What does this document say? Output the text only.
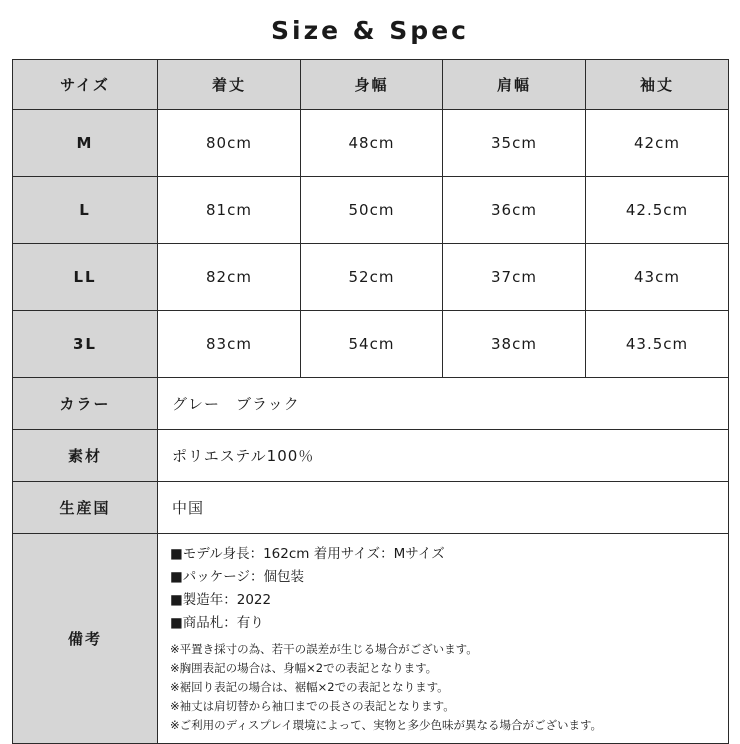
Size & Spec
サイズ	着丈	身幅	肩幅	袖丈
M	80cm	48cm	35cm	42cm
L	81cm	50cm	36cm	42.5cm
LL	82cm	52cm	37cm	43cm
3L	83cm	54cm	38cm	43.5cm
カラー	グレー　ブラック			
素材	ポリエステル100％			
生産国	中国			
備考	

■モデル身長：162cm 着用サイズ：Mサイズ

■パッケージ：個包装

■製造年：2022

■商品札：有り

※平置き採寸の為、若干の誤差が生じる場合がございます。

※胸囲表記の場合は、身幅×2での表記となります。

※裾回り表記の場合は、裾幅×2での表記となります。

※袖丈は肩切替から袖口までの長さの表記となります。

※ご利用のディスプレイ環境によって、実物と多少色味が異なる場合がございます。
